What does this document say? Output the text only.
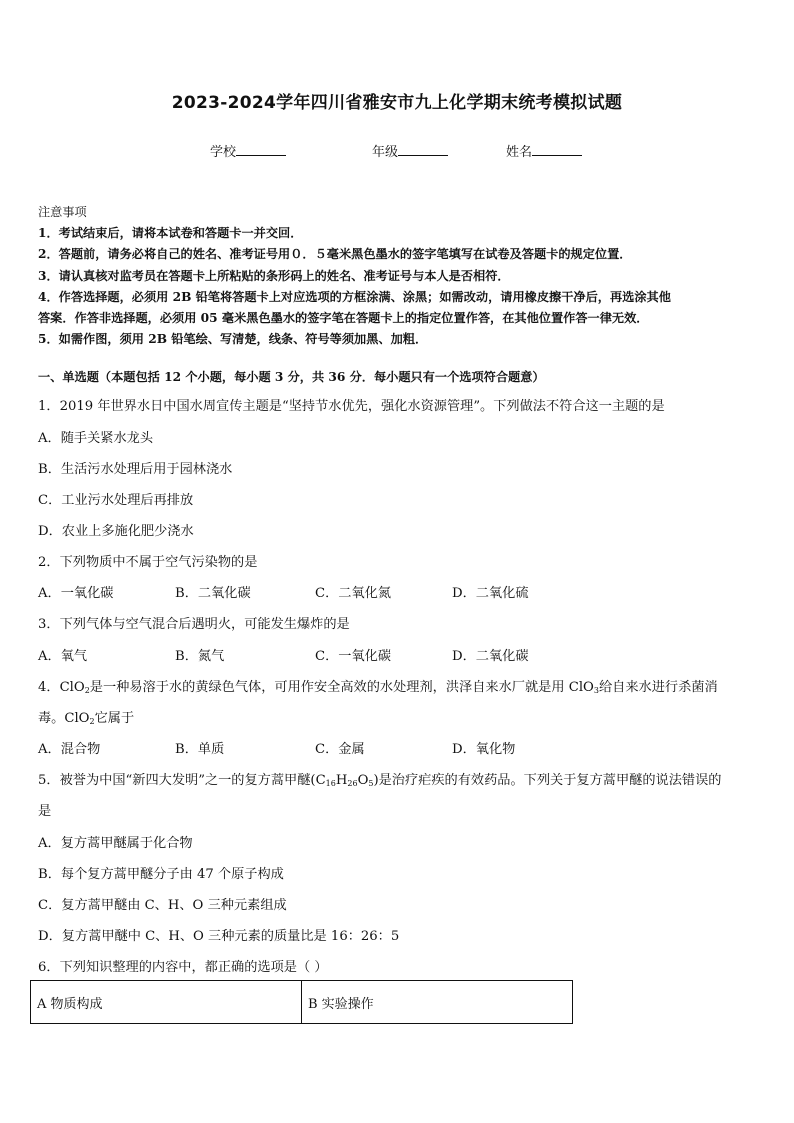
2023-2024学年四川省雅安市九上化学期末统考模拟试题
学校	年级	姓名
注意事项
1．考试结束后，请将本试卷和答题卡一并交回．
2．答题前，请务必将自己的姓名、准考证号用０．５毫米黑色墨水的签字笔填写在试卷及答题卡的规定位置．
3．请认真核对监考员在答题卡上所粘贴的条形码上的姓名、准考证号与本人是否相符．
4．作答选择题，必须用 2B 铅笔将答题卡上对应选项的方框涂满、涂黑；如需改动，请用橡皮擦干净后，再选涂其他
答案．作答非选择题，必须用 05 毫米黑色墨水的签字笔在答题卡上的指定位置作答，在其他位置作答一律无效．
5．如需作图，须用 2B 铅笔绘、写清楚，线条、符号等须加黑、加粗．
一、单选题（本题包括 12 个小题，每小题 3 分，共 36 分．每小题只有一个选项符合题意）
1．2019 年世界水日中国水周宣传主题是“坚持节水优先，强化水资源管理”。下列做法不符合这一主题的是
A．随手关紧水龙头
B．生活污水处理后用于园林浇水
C．工业污水处理后再排放
D．农业上多施化肥少浇水
2．下列物质中不属于空气污染物的是
A．一氧化碳	B．二氧化碳	C．二氧化氮	D．二氧化硫
3．下列气体与空气混合后遇明火，可能发生爆炸的是
A．氧气	B．氮气	C．一氧化碳	D．二氧化碳
4．ClO$_2$是一种易溶于水的黄绿色气体，可用作安全高效的水处理剂，洪泽自来水厂就是用 ClO$_3$给自来水进行杀菌消
毒。ClO$_2$它属于
A．混合物	B．单质	C．金属	D．氧化物
5．被誉为中国“新四大发明”之一的复方蒿甲醚$(C_{16}H_{26}O_5)$是治疗疟疾的有效药品。下列关于复方蒿甲醚的说法错误的
是
A．复方蒿甲醚属于化合物
B．每个复方蒿甲醚分子由 47 个原子构成
C．复方蒿甲醚由 C、H、O 三种元素组成
D．复方蒿甲醚中 C、H、O 三种元素的质量比是 16：26：5
6．下列知识整理的内容中，都正确的选项是（ ）
A 物质构成	B 实验操作
